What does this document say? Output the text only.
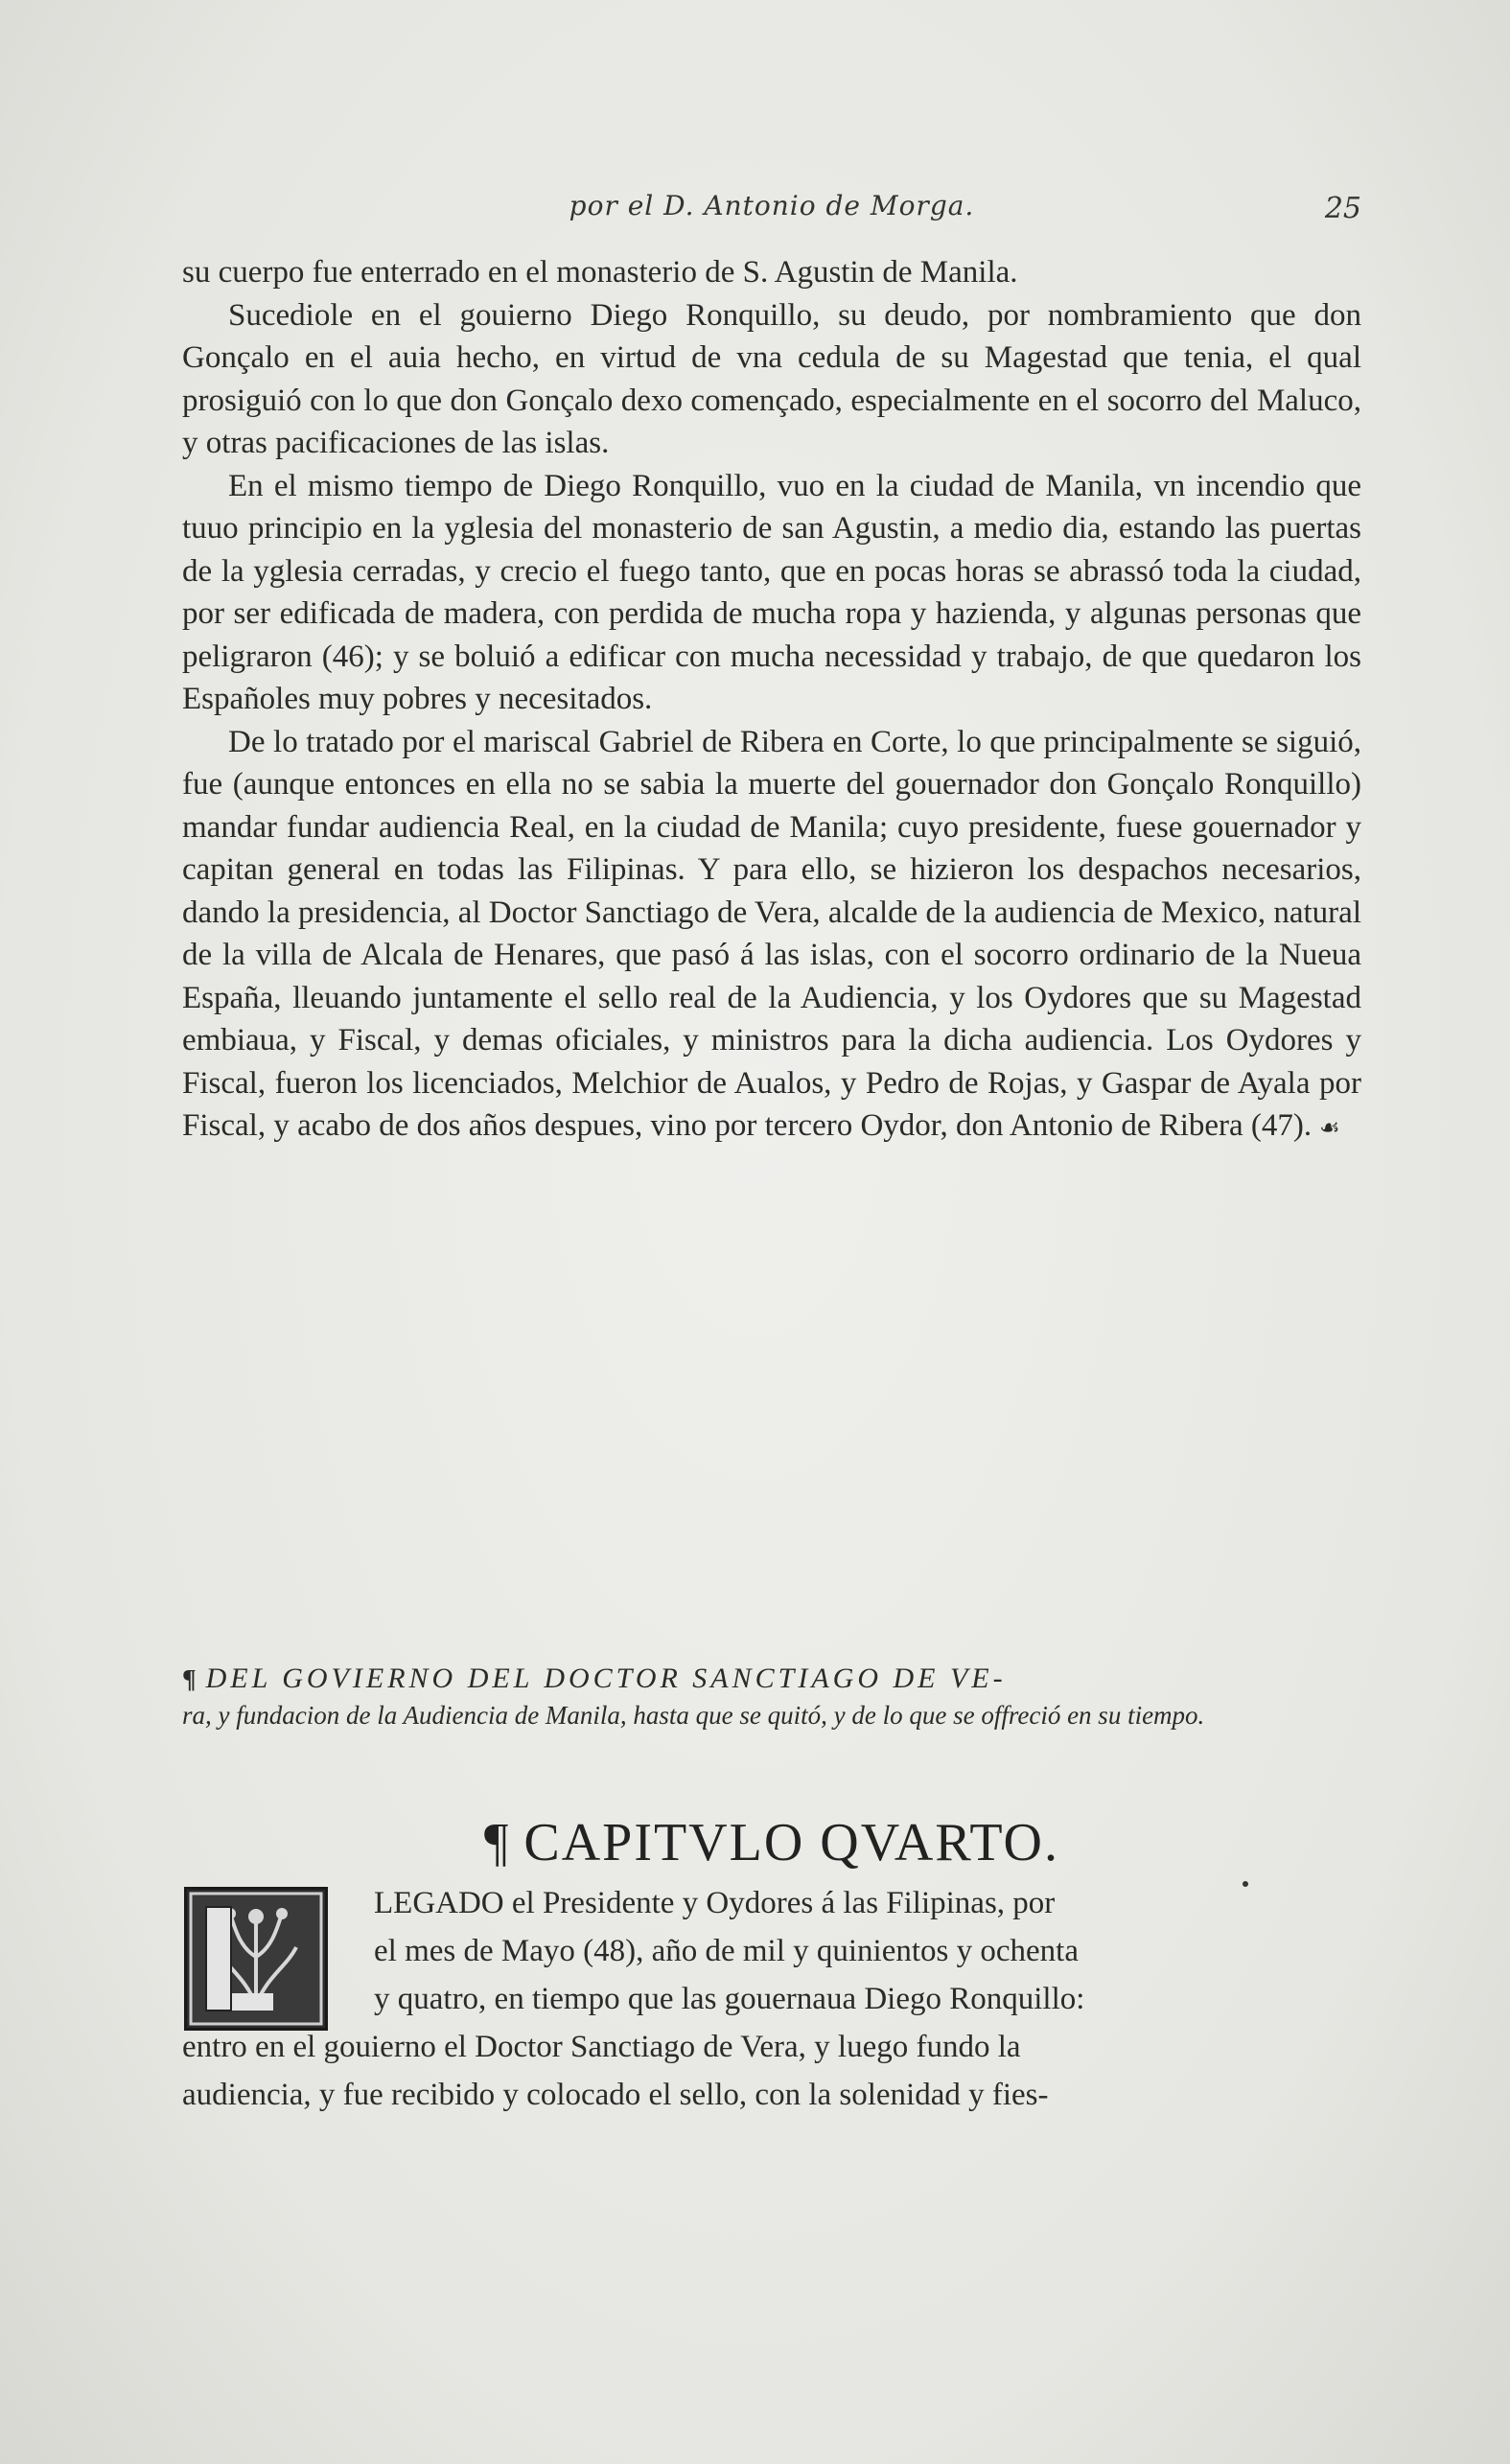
por el D. Antonio de Morga.	25

su cuerpo fue enterrado en el monasterio de S. Agustin de Manila.

Sucediole en el gouierno Diego Ronquillo, su deudo, por nombramiento que don Gonçalo en el auia hecho, en virtud de vna cedula de su Magestad que tenia, el qual prosiguió con lo que don Gonçalo dexo començado, especialmente en el socorro del Maluco, y otras pacificaciones de las islas.

En el mismo tiempo de Diego Ronquillo, vuo en la ciudad de Manila, vn incendio que tuuo principio en la yglesia del monasterio de san Agustin, a medio dia, estando las puertas de la yglesia cerradas, y crecio el fuego tanto, que en pocas horas se abrassó toda la ciudad, por ser edificada de madera, con perdida de mucha ropa y hazienda, y algunas personas que peligraron (46); y se boluió a edificar con mucha necessidad y trabajo, de que quedaron los Españoles muy pobres y necesitados.

De lo tratado por el mariscal Gabriel de Ribera en Corte, lo que principalmente se siguió, fue (aunque entonces en ella no se sabia la muerte del gouernador don Gonçalo Ronquillo) mandar fundar audiencia Real, en la ciudad de Manila; cuyo presidente, fuese gouernador y capitan general en todas las Filipinas. Y para ello, se hizieron los despachos necesarios, dando la presidencia, al Doctor Sanctiago de Vera, alcalde de la audiencia de Mexico, natural de la villa de Alcala de Henares, que pasó á las islas, con el socorro ordinario de la Nueua España, lleuando juntamente el sello real de la Audiencia, y los Oydores que su Magestad embiaua, y Fiscal, y demas oficiales, y ministros para la dicha audiencia. Los Oydores y Fiscal, fueron los licenciados, Melchior de Aualos, y Pedro de Rojas, y Gaspar de Ayala por Fiscal, y acabo de dos años despues, vino por tercero Oydor, don Antonio de Ribera (47). ☙

¶ DEL GOVIERNO DEL DOCTOR SANCTIAGO DE VE-
ra, y fundacion de la Audiencia de Manila, hasta que se quitó, y de lo que se offreció en su tiempo.
¶ CAPITVLO QVARTO.
LEGADO el Presidente y Oydores á las Filipinas, por
el mes de Mayo (48), año de mil y quinientos y ochenta
y quatro, en tiempo que las gouernaua Diego Ronquillo:
entro en el gouierno el Doctor Sanctiago de Vera, y luego fundo la
audiencia, y fue recibido y colocado el sello, con la solenidad y fies-
